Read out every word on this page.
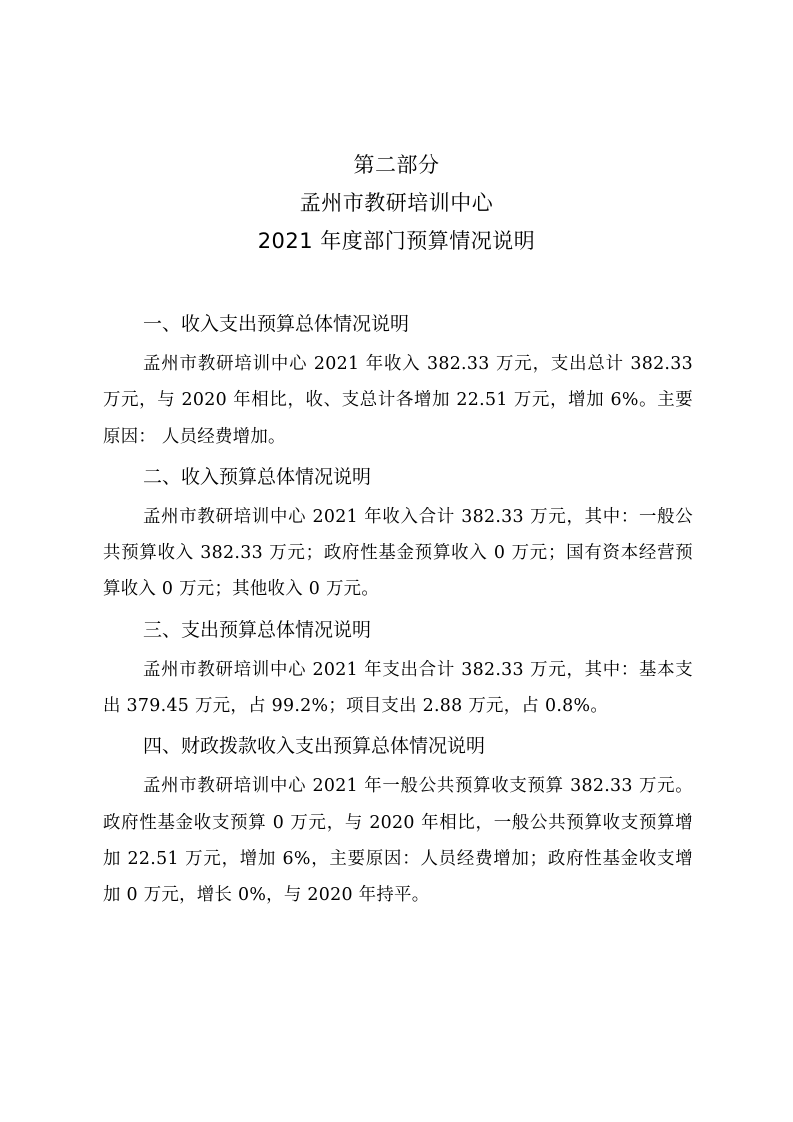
第二部分
孟州市教研培训中心
2021 年度部门预算情况说明
一、收入支出预算总体情况说明

孟州市教研培训中心 2021 年收入 382.33 万元，支出总计 382.33 万元，与 2020 年相比，收、支总计各增加 22.51 万元，增加 6%。主要原因： 人员经费增加。

二、收入预算总体情况说明

孟州市教研培训中心 2021 年收入合计 382.33 万元，其中：一般公共预算收入 382.33 万元；政府性基金预算收入 0 万元；国有资本经营预算收入 0 万元；其他收入 0 万元。

三、支出预算总体情况说明

孟州市教研培训中心 2021 年支出合计 382.33 万元，其中：基本支出 379.45 万元，占 99.2%；项目支出 2.88 万元，占 0.8%。

四、财政拨款收入支出预算总体情况说明

孟州市教研培训中心 2021 年一般公共预算收支预算 382.33 万元。政府性基金收支预算 0 万元，与 2020 年相比，一般公共预算收支预算增加 22.51 万元，增加 6%，主要原因：人员经费增加；政府性基金收支增加 0 万元，增长 0%，与 2020 年持平。
